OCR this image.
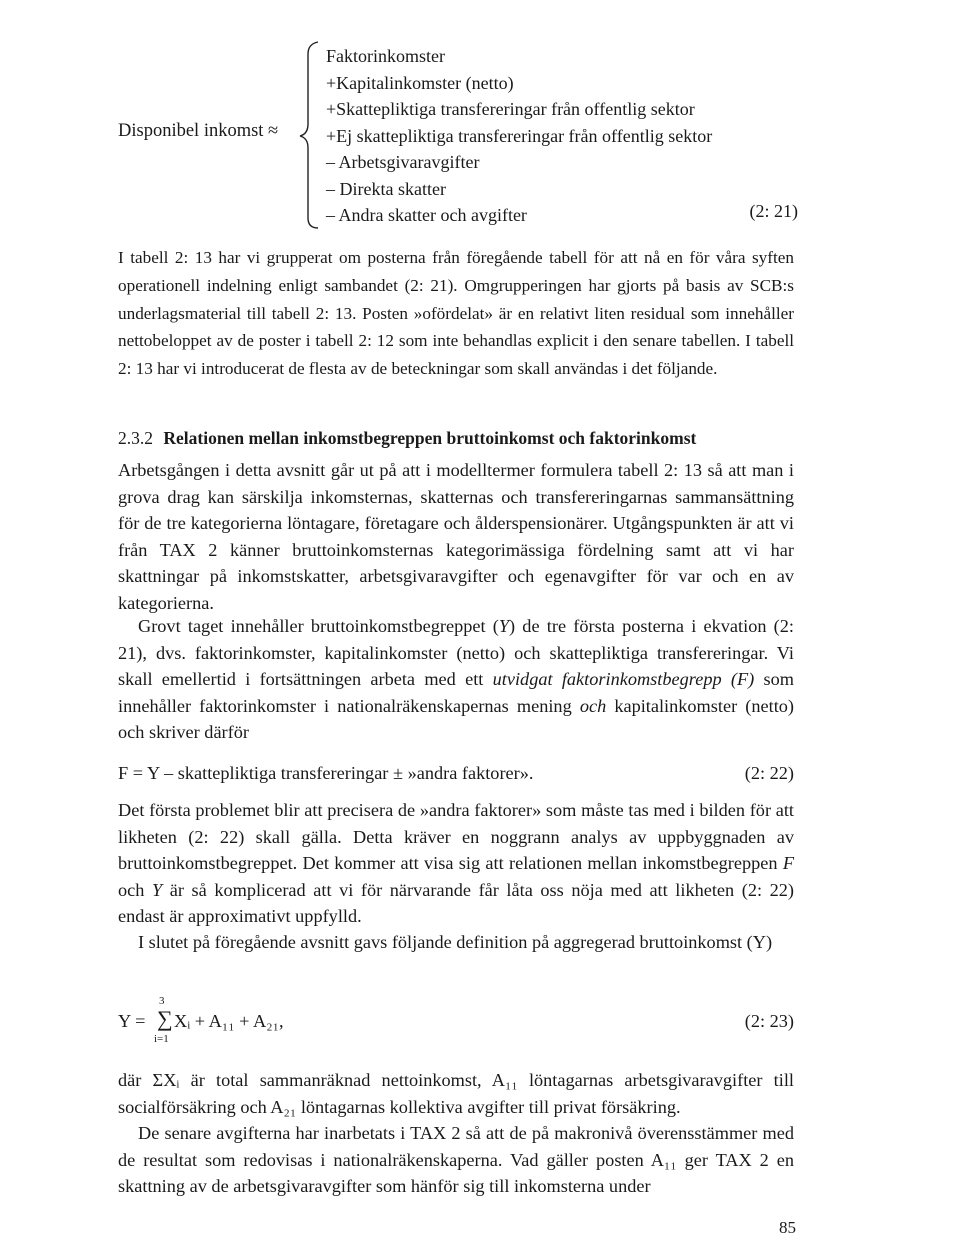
Disponibel inkomst ≈
Faktorinkomster
+Kapitalinkomster (netto)
+Skattepliktiga transfereringar från offentlig sektor
+Ej skattepliktiga transfereringar från offentlig sektor
– Arbetsgivaravgifter
– Direkta skatter
– Andra skatter och avgifter	(2: 21)

I tabell 2: 13 har vi grupperat om posterna från föregående tabell för att nå en för våra syften operationell indelning enligt sambandet (2: 21). Omgrupperingen har gjorts på basis av SCB:s underlagsmaterial till tabell 2: 13. Posten »ofördelat» är en relativt liten residual som innehåller nettobeloppet av de poster i tabell 2: 12 som inte behandlas explicit i den senare tabellen. I tabell 2: 13 har vi introducerat de flesta av de beteckningar som skall användas i det följande.

2.3.2 Relationen mellan inkomstbegreppen bruttoinkomst och faktorinkomst

Arbetsgången i detta avsnitt går ut på att i modelltermer formulera tabell 2: 13 så att man i grova drag kan särskilja inkomsternas, skatternas och transfereringarnas sammansättning för de tre kategorierna löntagare, företagare och ålderspensionärer. Utgångspunkten är att vi från TAX 2 känner bruttoinkomsternas kategorimässiga fördelning samt att vi har skattningar på inkomstskatter, arbetsgivaravgifter och egenavgifter för var och en av kategorierna.

Grovt taget innehåller bruttoinkomstbegreppet (Y) de tre första posterna i ekvation (2: 21), dvs. faktorinkomster, kapitalinkomster (netto) och skattepliktiga transfereringar. Vi skall emellertid i fortsättningen arbeta med ett utvidgat faktorinkomstbegrepp (F) som innehåller faktorinkomster i nationalräkenskapernas mening och kapitalinkomster (netto) och skriver därför

F = Y – skattepliktiga transfereringar ± »andra faktorer».	(2: 22)

Det första problemet blir att precisera de »andra faktorer» som måste tas med i bilden för att likheten (2: 22) skall gälla. Detta kräver en noggrann analys av uppbyggnaden av bruttoinkomstbegreppet. Det kommer att visa sig att relationen mellan inkomstbegreppen F och Y är så komplicerad att vi för närvarande får låta oss nöja med att likheten (2: 22) endast är approximativt uppfylld.

I slutet på föregående avsnitt gavs följande definition på aggregerad bruttoinkomst (Y)

Y =
3
∑
i=1
Xᵢ + A₁₁ + A₂₁,	(2: 23)

där ΣXᵢ är total sammanräknad nettoinkomst, A₁₁ löntagarnas arbetsgivaravgifter till socialförsäkring och A₂₁ löntagarnas kollektiva avgifter till privat försäkring.

De senare avgifterna har inarbetats i TAX 2 så att de på makronivå överensstämmer med de resultat som redovisas i nationalräkenskaperna. Vad gäller posten A₁₁ ger TAX 2 en skattning av de arbetsgivaravgifter som hänför sig till inkomsterna under

85
